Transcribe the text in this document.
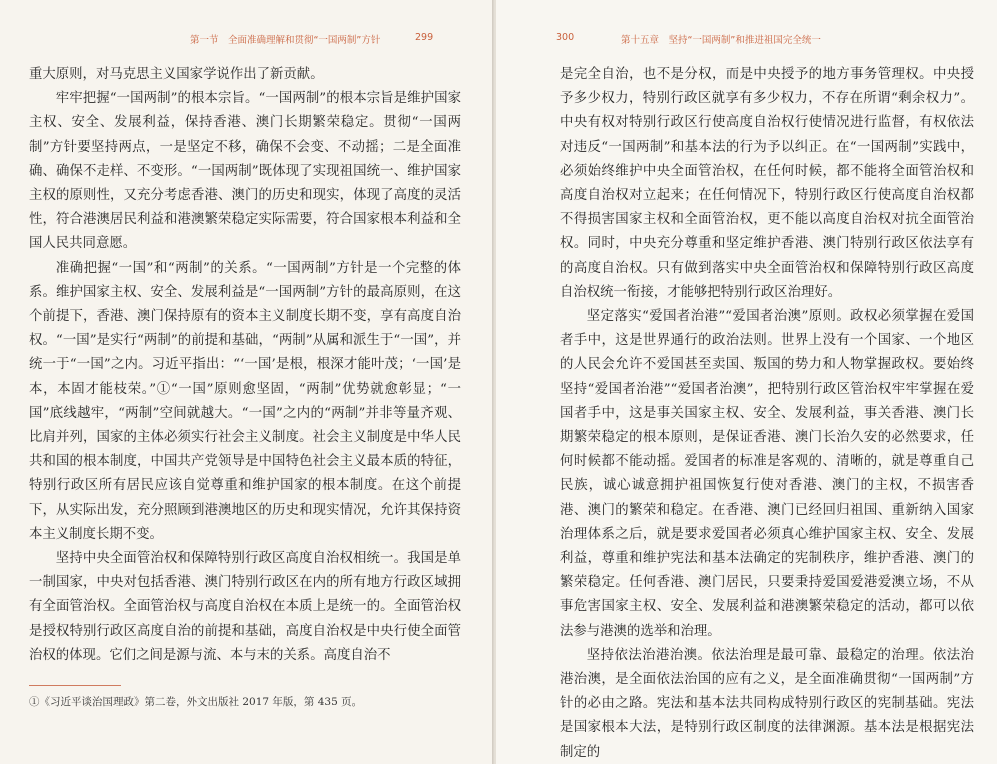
第一节　全面准确理解和贯彻“一国两制”方针	299

重大原则，对马克思主义国家学说作出了新贡献。

牢牢把握“一国两制”的根本宗旨。“一国两制”的根本宗旨是维护国家主权、安全、发展利益，保持香港、澳门长期繁荣稳定。贯彻“一国两制”方针要坚持两点，一是坚定不移，确保不会变、不动摇；二是全面准确、确保不走样、不变形。“一国两制”既体现了实现祖国统一、维护国家主权的原则性，又充分考虑香港、澳门的历史和现实，体现了高度的灵活性，符合港澳居民利益和港澳繁荣稳定实际需要，符合国家根本利益和全国人民共同意愿。

准确把握“一国”和“两制”的关系。“一国两制”方针是一个完整的体系。维护国家主权、安全、发展利益是“一国两制”方针的最高原则，在这个前提下，香港、澳门保持原有的资本主义制度长期不变，享有高度自治权。“一国”是实行“两制”的前提和基础，“两制”从属和派生于“一国”，并统一于“一国”之内。习近平指出：“‘一国’是根，根深才能叶茂；‘一国’是本，本固才能枝荣。”①“一国”原则愈坚固，“两制”优势就愈彰显；“一国”底线越牢，“两制”空间就越大。“一国”之内的“两制”并非等量齐观、比肩并列，国家的主体必须实行社会主义制度。社会主义制度是中华人民共和国的根本制度，中国共产党领导是中国特色社会主义最本质的特征，特别行政区所有居民应该自觉尊重和维护国家的根本制度。在这个前提下，从实际出发，充分照顾到港澳地区的历史和现实情况，允许其保持资本主义制度长期不变。

坚持中央全面管治权和保障特别行政区高度自治权相统一。我国是单一制国家，中央对包括香港、澳门特别行政区在内的所有地方行政区域拥有全面管治权。全面管治权与高度自治权在本质上是统一的。全面管治权是授权特别行政区高度自治的前提和基础，高度自治权是中央行使全面管治权的体现。它们之间是源与流、本与末的关系。高度自治不

①《习近平谈治国理政》第二卷，外文出版社 2017 年版，第 435 页。
300	第十五章　坚持“一国两制”和推进祖国完全统一

是完全自治，也不是分权，而是中央授予的地方事务管理权。中央授予多少权力，特别行政区就享有多少权力，不存在所谓“剩余权力”。中央有权对特别行政区行使高度自治权行使情况进行监督，有权依法对违反“一国两制”和基本法的行为予以纠正。在“一国两制”实践中，必须始终维护中央全面管治权，在任何时候，都不能将全面管治权和高度自治权对立起来；在任何情况下，特别行政区行使高度自治权都不得损害国家主权和全面管治权，更不能以高度自治权对抗全面管治权。同时，中央充分尊重和坚定维护香港、澳门特别行政区依法享有的高度自治权。只有做到落实中央全面管治权和保障特别行政区高度自治权统一衔接，才能够把特别行政区治理好。

坚定落实“爱国者治港”“爱国者治澳”原则。政权必须掌握在爱国者手中，这是世界通行的政治法则。世界上没有一个国家、一个地区的人民会允许不爱国甚至卖国、叛国的势力和人物掌握政权。要始终坚持“爱国者治港”“爱国者治澳”，把特别行政区管治权牢牢掌握在爱国者手中，这是事关国家主权、安全、发展利益，事关香港、澳门长期繁荣稳定的根本原则，是保证香港、澳门长治久安的必然要求，任何时候都不能动摇。爱国者的标准是客观的、清晰的，就是尊重自己民族，诚心诚意拥护祖国恢复行使对香港、澳门的主权，不损害香港、澳门的繁荣和稳定。在香港、澳门已经回归祖国、重新纳入国家治理体系之后，就是要求爱国者必须真心维护国家主权、安全、发展利益，尊重和维护宪法和基本法确定的宪制秩序，维护香港、澳门的繁荣稳定。任何香港、澳门居民，只要秉持爱国爱港爱澳立场，不从事危害国家主权、安全、发展利益和港澳繁荣稳定的活动，都可以依法参与港澳的选举和治理。

坚持依法治港治澳。依法治理是最可靠、最稳定的治理。依法治港治澳，是全面依法治国的应有之义，是全面准确贯彻“一国两制”方针的必由之路。宪法和基本法共同构成特别行政区的宪制基础。宪法是国家根本大法，是特别行政区制度的法律渊源。基本法是根据宪法制定的
